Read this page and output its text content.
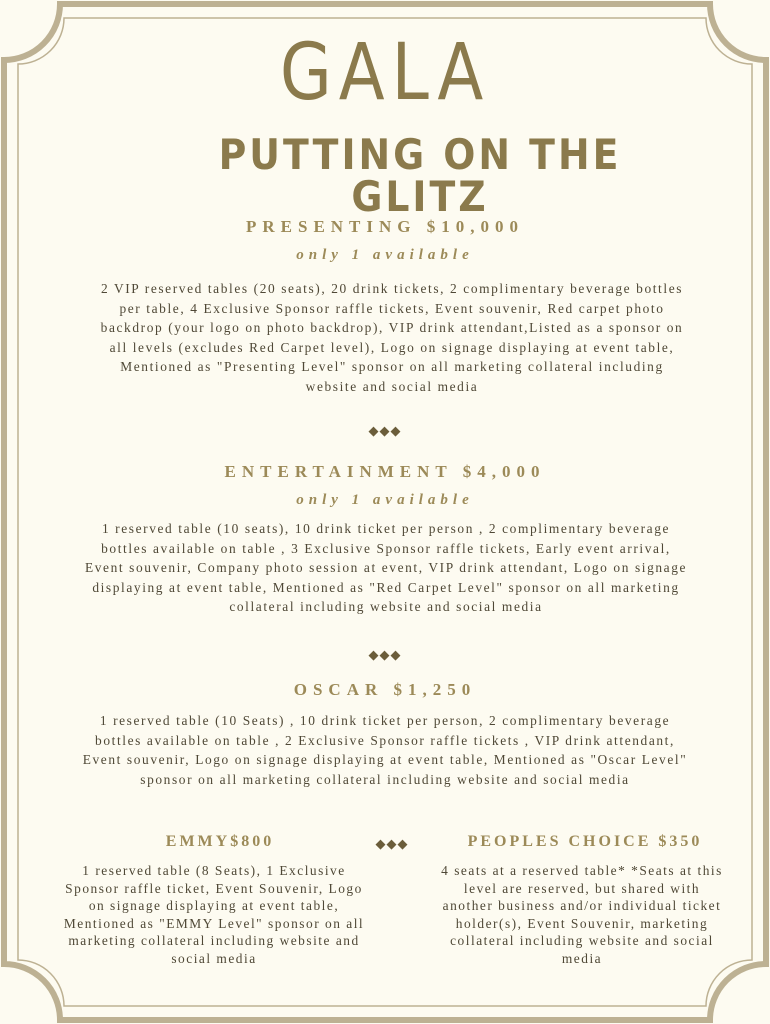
GALA
PUTTING ON THE GLITZ
PRESENTING $10,000
only 1 available
2 VIP reserved tables (20 seats), 20 drink tickets, 2 complimentary beverage bottles per table, 4 Exclusive Sponsor raffle tickets, Event souvenir, Red carpet photo backdrop (your logo on photo backdrop), VIP drink attendant,Listed as a sponsor on all levels (excludes Red Carpet level), Logo on signage displaying at event table, Mentioned as "Presenting Level" sponsor on all marketing collateral including website and social media
◆◆◆
ENTERTAINMENT $4,000
only 1 available
1 reserved table (10 seats), 10 drink ticket per person , 2 complimentary beverage bottles available on table , 3 Exclusive Sponsor raffle tickets, Early event arrival, Event souvenir, Company photo session at event, VIP drink attendant, Logo on signage displaying at event table, Mentioned as "Red Carpet Level" sponsor on all marketing collateral including website and social media
◆◆◆
OSCAR $1,250
1 reserved table (10 Seats) , 10 drink ticket per person, 2 complimentary beverage bottles available on table , 2 Exclusive Sponsor raffle tickets , VIP drink attendant, Event souvenir, Logo on signage displaying at event table, Mentioned as "Oscar Level" sponsor on all marketing collateral including website and social media
EMMY$800	◆◆◆	PEOPLES CHOICE $350
1 reserved table (8 Seats), 1 Exclusive Sponsor raffle ticket, Event Souvenir, Logo on signage displaying at event table, Mentioned as "EMMY Level" sponsor on all marketing collateral including website and social media
4 seats at a reserved table* *Seats at this level are reserved, but shared with another business and/or individual ticket holder(s), Event Souvenir, marketing collateral including website and social media
